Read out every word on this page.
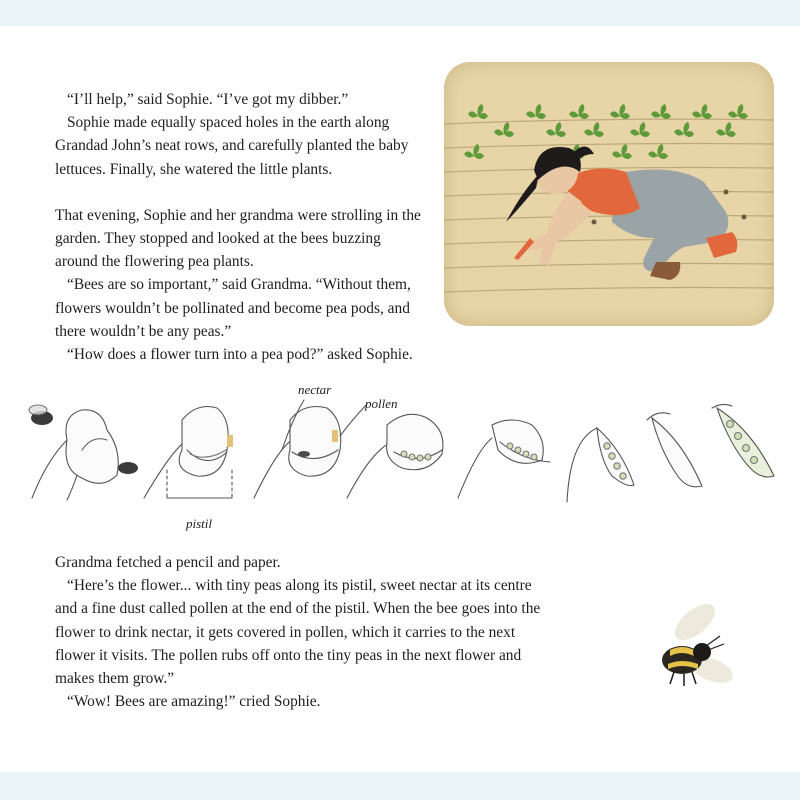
“I’ll help,” said Sophie. “I’ve got my dibber.”

Sophie made equally spaced holes in the earth along Grandad John’s neat rows, and carefully planted the baby lettuces. Finally, she watered the little plants.

That evening, Sophie and her grandma were strolling in the garden. They stopped and looked at the bees buzzing around the flowering pea plants.

“Bees are so important,” said Grandma. “Without them, flowers wouldn’t be pollinated and become pea pods, and there wouldn’t be any peas.”

“How does a flower turn into a pea pod?” asked Sophie.

nectar
pollen
pistil

Grandma fetched a pencil and paper.

“Here’s the flower... with tiny peas along its pistil, sweet nectar at its centre and a fine dust called pollen at the end of the pistil. When the bee goes into the flower to drink nectar, it gets covered in pollen, which it carries to the next flower it visits. The pollen rubs off onto the tiny peas in the next flower and makes them grow.”

“Wow! Bees are amazing!” cried Sophie.
